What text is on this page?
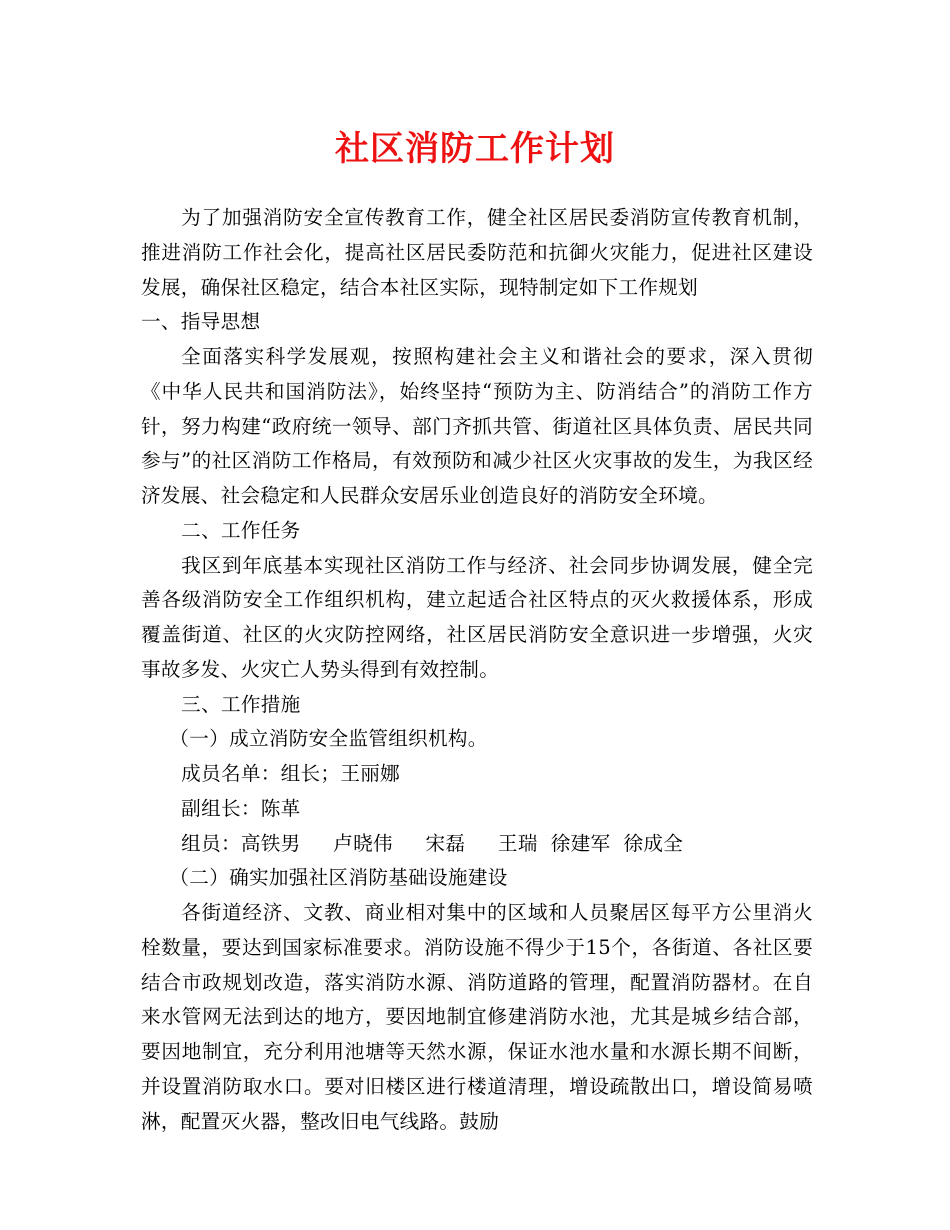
社区消防工作计划

为了加强消防安全宣传教育工作，健全社区居民委消防宣传教育机制，推进消防工作社会化，提高社区居民委防范和抗御火灾能力，促进社区建设发展，确保社区稳定，结合本社区实际，现特制定如下工作规划

一、指导思想

全面落实科学发展观，按照构建社会主义和谐社会的要求，深入贯彻《中华人民共和国消防法》，始终坚持“预防为主、防消结合”的消防工作方针，努力构建“政府统一领导、部门齐抓共管、街道社区具体负责、居民共同参与”的社区消防工作格局，有效预防和减少社区火灾事故的发生，为我区经济发展、社会稳定和人民群众安居乐业创造良好的消防安全环境。

二、工作任务

我区到年底基本实现社区消防工作与经济、社会同步协调发展，健全完善各级消防安全工作组织机构，建立起适合社区特点的灭火救援体系，形成覆盖街道、社区的火灾防控网络，社区居民消防安全意识进一步增强，火灾事故多发、火灾亡人势头得到有效控制。

三、工作措施

（一）成立消防安全监管组织机构。

成员名单：组长；王丽娜

副组长：陈革

组员：高铁男     卢晓伟     宋磊     王瑞  徐建军  徐成全

（二）确实加强社区消防基础设施建设

各街道经济、文教、商业相对集中的区域和人员聚居区每平方公里消火栓数量，要达到国家标准要求。消防设施不得少于15个，各街道、各社区要结合市政规划改造，落实消防水源、消防道路的管理，配置消防器材。在自来水管网无法到达的地方，要因地制宜修建消防水池，尤其是城乡结合部，要因地制宜，充分利用池塘等天然水源，保证水池水量和水源长期不间断，并设置消防取水口。要对旧楼区进行楼道清理，增设疏散出口，增设简易喷淋，配置灭火器，整改旧电气线路。鼓励
